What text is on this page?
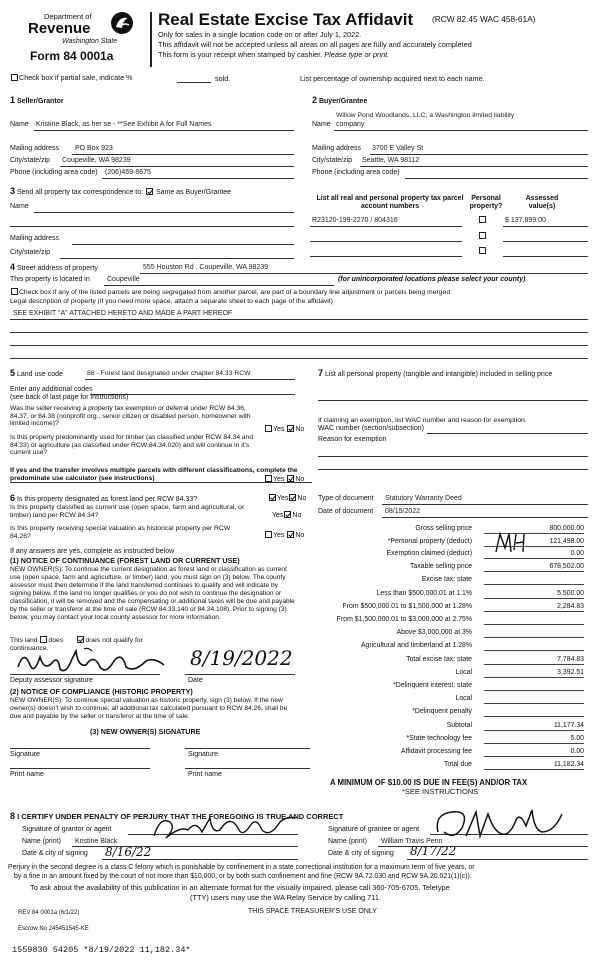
Department of
Revenue
Washington State
Form 84 0001a
Real Estate Excise Tax Affidavit (RCW 82.45 WAC 458-61A)
Only for sales in a single location code on or after July 1, 2022.
This affidavit will not be accepted unless all areas on all pages are fully and accurately completed
This form is your receipt when stamped by cashier. Please type or print.
Check box if partial sale, indicate %	sold.	List percentage of ownership acquired next to each name.
1 Seller/Grantor
Name Kristine Black, as her se - **See Exhibit A for Full Names
Mailing address PO Box 923
City/state/zip Coupeville, WA 98239
Phone (including area code) (206)459-8675
2 Buyer/Grantee
Willow Pond Woodlands, LLC, a Washington limited liability
Name company
Mailing address 3700 E Valley St
City/state/zip Seattle, WA 98112
Phone (including area code)
3 Send all property tax correspondence to: Same as Buyer/Grantee
Name
Mailing address
City/state/zip
List all real and personal property tax parcel account numbers
Personal property?
Assessed value(s)
R23120-199-2270 / 804316	$ 137,899.00
4 Street address of property	555 Houston Rd , Coupeville, WA 98239
This property is located in Coupeville	(for unincorporated locations please select your county)
Check box if any of the listed parcels are being segregated from another parcel, are part of a boundary line adjustment or parcels being merged
Legal description of property (if you need more space, attach a separate sheet to each page of the affidavit)
SEE EXHIBIT "A" ATTACHED HERETO AND MADE A PART HEREOF
5 Land use code	88 - Forest land designated under chapter 84.33 RCW
Enter any additional codes
(see back of last page for instructions)
Was the seller receiving a property tax exemption or deferral under RCW 84.36, 84.37, or 84.38 (nonprofit org., senior citizen or disabled person, homeowner with limited income)?
Yes No
Is this property predominantly used for timber (as classified under RCW 84.34 and 84.33) or agriculture (as classified under RCW 84.34.020) and will continue in it's current use?
If yes and the transfer involves multiple parcels with different classifications, complete the predominate use calculator (see instructions)	Yes No
7 List all personal property (tangible and intangible) included in selling price
If claiming an exemption, list WAC number and reason for exemption.
WAC number (section/subsection)
Reason for exemption
6 Is this property designated as forest land per RCW 84.33?	Yes No
Is this property classified as current use (open space, farm and agricultural, or timber) land per RCW 84.34?	Yes No
Is this property receiving special valuation as historical property per RCW 84.26?	Yes No
If any answers are yes, complete as instructed below
(1) NOTICE OF CONTINUANCE (FOREST LAND OR CURRENT USE)
NEW OWNER(S): To continue the current designation as forest land or classification as current use (open space, farm and agriculture, or timber) land, you must sign on (3) below. The county assessor must then determine if the land transferred continues to qualify and will indicate by signing below. If the land no longer qualifies or you do not wish to continue the designation or classification, it will be removed and the compensating or additional taxes will be due and payable by the seller or transferor at the time of sale (RCW 84.33.140 or 84.34.108). Prior to signing (3) below, you may contact your local county assessor for more information.
This land does	does not qualify for
continuance.	8/19/2022
Deputy assessor signature	Date
(2) NOTICE OF COMPLIANCE (HISTORIC PROPERTY)
NEW OWNER(S): To continue special valuation as historic property, sign (3) below. If the new owner(s) doesn't wish to continue, all additional tax calculated pursuant to RCW 84.26, shall be due and payable by the seller or transferor at the time of sale.
(3) NEW OWNER(S) SIGNATURE
Signature	Signature
Print name	Print name
Type of document Statutory Warranty Deed
Date of document 08/15/2022
Gross selling price	800,000.00
*Personal property (deduct)	121,498.00
Exemption claimed (deduct)	0.00
Taxable selling price	678,502.00
Excise tax: state
Less than $500,000.01 at 1.1%	5,500.00
From $500,000.01 to $1,500,000 at 1.28%	2,284.83
From $1,500,000.01 to $3,000,000 at 2.75%
Above $3,000,000 at 3%
Agricultural and timberland at 1.28%
Total excise tax: state	7,784.83
Local	3,392.51
*Delinquent interest: state
Local
*Delinquent penalty
Subtotal	11,177.34
*State technology fee	5.00
Affidavit processing fee	0.00
Total due	11,182.34
A MINIMUM OF $10.00 IS DUE IN FEE(S) AND/OR TAX
*SEE INSTRUCTIONS
8 I CERTIFY UNDER PENALTY OF PERJURY THAT THE FOREGOING IS TRUE AND CORRECT
Signature of grantor or agent
Name (print) Kristine Black
Date & city of signing 8/16/22
Signature of grantee or agent
Name (print) William Travis Penn
Date & city of signing 8/17/22
Perjury in the second degree is a class C felony which is punishable by confinement in a state correctional institution for a maximum term of five years, or
by a fine in an amount fixed by the court of not more than $10,000, or by both such confinement and fine (RCW 9A.72.030 and RCW 9A.20.021(1)(c)).
To ask about the availability of this publication in an alternate format for the visually impaired, please call 360-705-6705. Teletype
(TTY) users may use the WA Relay Service by calling 711.
REV 84 0001a (6/1/22)	THIS SPACE TREASURER'S USE ONLY
Escrow No 245451545-KE
1559830 54205 *8/19/2022 11,182.34*
